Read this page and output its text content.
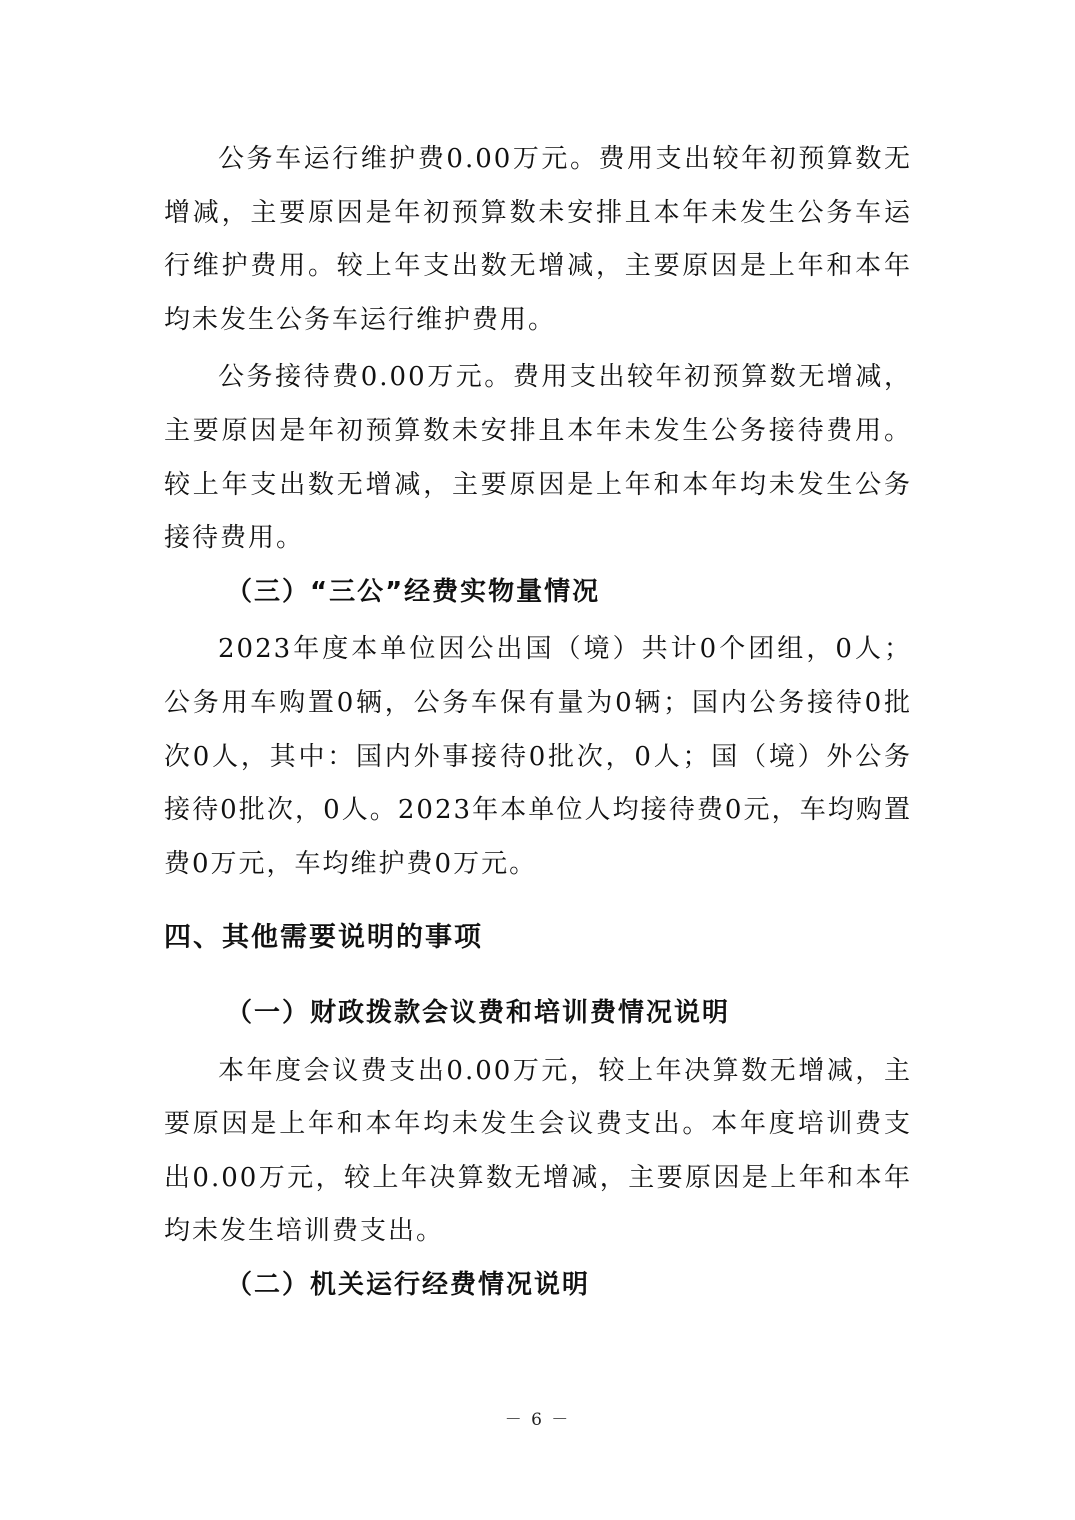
公务车运行维护费0.00万元。费用支出较年初预算数无增减，主要原因是年初预算数未安排且本年未发生公务车运行维护费用。较上年支出数无增减，主要原因是上年和本年均未发生公务车运行维护费用。

公务接待费0.00万元。费用支出较年初预算数无增减，主要原因是年初预算数未安排且本年未发生公务接待费用。较上年支出数无增减，主要原因是上年和本年均未发生公务接待费用。

（三）“三公”经费实物量情况

2023年度本单位因公出国（境）共计0个团组，0人；公务用车购置0辆，公务车保有量为0辆；国内公务接待0批次0人，其中：国内外事接待0批次，0人；国（境）外公务接待0批次，0人。2023年本单位人均接待费0元，车均购置费0万元，车均维护费0万元。

四、其他需要说明的事项

（一）财政拨款会议费和培训费情况说明

本年度会议费支出0.00万元，较上年决算数无增减，主要原因是上年和本年均未发生会议费支出。本年度培训费支出0.00万元，较上年决算数无增减，主要原因是上年和本年均未发生培训费支出。

（二）机关运行经费情况说明

－ 6 －
